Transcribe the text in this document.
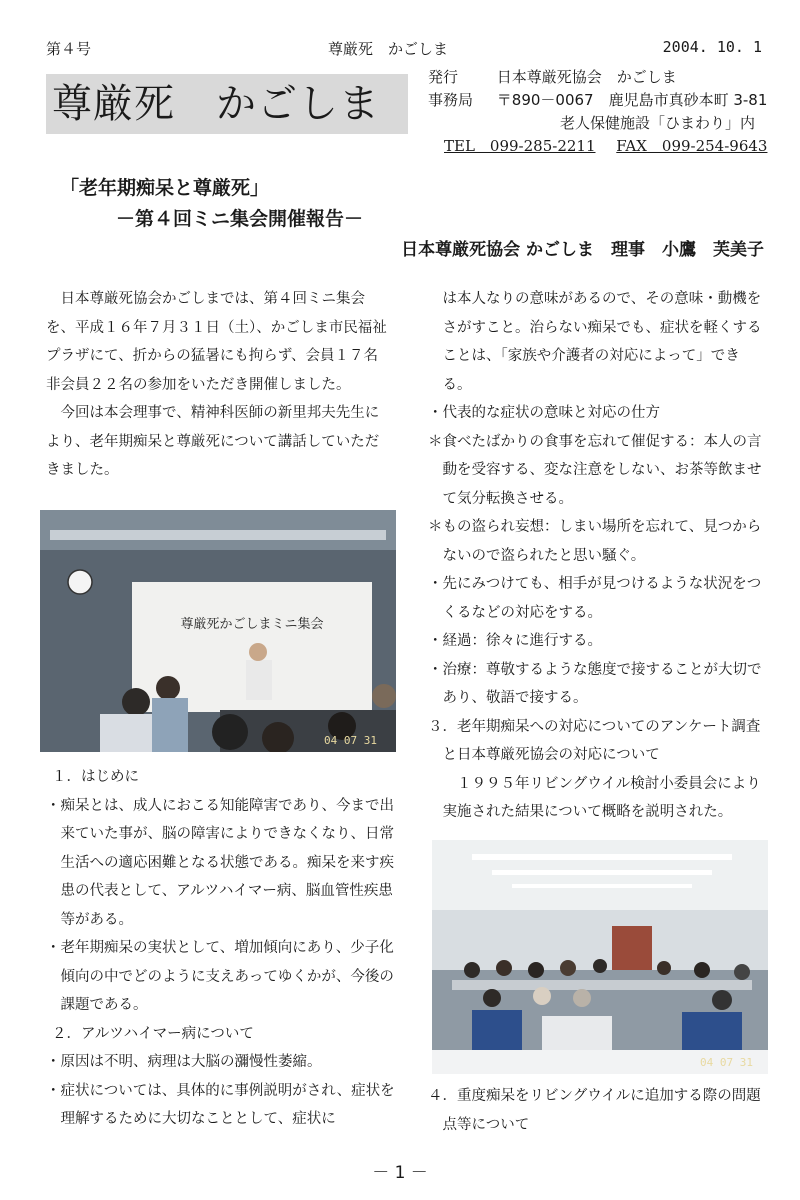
第４号	尊厳死　かごしま	2004. 10. 1
尊厳死　かごしま
発行	日本尊厳死協会　かごしま
事務局 〒890－0067　鹿児島市真砂本町 3-81
老人保健施設「ひまわり」内
TEL　099-285-2211 FAX　099-254-9643
「老年期痴呆と尊厳死」
－第４回ミニ集会開催報告－
日本尊厳死協会 かごしま　理事　小鷹　芙美子

日本尊厳死協会かごしまでは、第４回ミニ集会を、平成１６年７月３１日（土）、かごしま市民福祉プラザにて、折からの猛暑にも拘らず、会員１７名非会員２２名の参加をいただき開催しました。

今回は本会理事で、精神科医師の新里邦夫先生により、老年期痴呆と尊厳死について講話していただきました。

尊厳死かごしまミニ集会
04 07 31

１．はじめに

・痴呆とは、成人におこる知能障害であり、今まで出来ていた事が、脳の障害によりできなくなり、日常生活への適応困難となる状態である。痴呆を来す疾患の代表として、アルツハイマー病、脳血管性疾患等がある。

・老年期痴呆の実状として、増加傾向にあり、少子化傾向の中でどのように支えあってゆくかが、今後の課題である。

２．アルツハイマー病について

・原因は不明、病理は大脳の瀰慢性萎縮。

・症状については、具体的に事例説明がされ、症状を理解するために大切なこととして、症状に

は本人なりの意味があるので、その意味・動機をさがすこと。治らない痴呆でも、症状を軽くすることは、「家族や介護者の対応によって」できる。

・代表的な症状の意味と対応の仕方

＊食べたばかりの食事を忘れて催促する：本人の言動を受容する、変な注意をしない、お茶等飲ませて気分転換させる。

＊もの盗られ妄想：しまい場所を忘れて、見つからないので盗られたと思い騒ぐ。

・先にみつけても、相手が見つけるような状況をつくるなどの対応をする。

・経過：徐々に進行する。

・治療：尊敬するような態度で接することが大切であり、敬語で接する。

３．老年期痴呆への対応についてのアンケート調査と日本尊厳死協会の対応について

１９９５年リビングウイル検討小委員会により実施された結果について概略を説明された。

04 07 31

４．重度痴呆をリビングウイルに追加する際の問題点等について

－ 1 －
